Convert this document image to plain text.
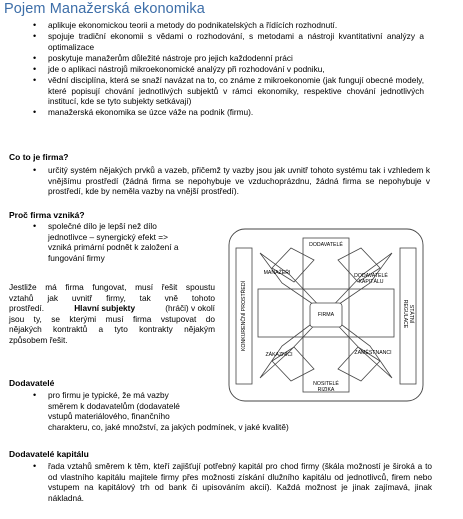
Pojem Manažerská ekonomika
• aplikuje ekonomickou teorii a metody do podnikatelských a řídících rozhodnutí.
• spojuje tradiční ekonomii s vědami o rozhodování, s metodami a nástroji kvantitativní analýzy a optimalizace
• poskytuje manažerům důležité nástroje pro jejich každodenní práci
• jde o aplikaci nástrojů mikroekonomické analýzy při rozhodování v podniku,
• vědní disciplína, která se snaží navázat na to, co známe z mikroekonomie (jak fungují obecné modely, které popisují chování jednotlivých subjektů v rámci ekonomiky, respektive chování jednotlivých institucí, kde se tyto subjekty setkávají)
• manažerská ekonomika se úzce váže na podnik (firmu).
Co to je firma?
• určitý systém nějakých prvků a vazeb, přičemž ty vazby jsou jak uvnitř tohoto systému tak i vzhledem k vnějšímu prostředí (žádná firma se nepohybuje ve vzduchoprázdnu, žádná firma se nepohybuje v prostředí, kde by neměla vazby na vnější prostředí).
Proč firma vzniká?
• společné dílo je lepší než dílo
jednotlivce – synergický efekt =>
vzniká primární podnět k založení a
fungování firmy
Jestliže má firma fungovat, musí řešit spoustu
vztahů jak uvnitř firmy, tak vně tohoto
prostředí.	Hlavní subjekty	(hráči) v okolí
jsou ty, se kterými musí firma vstupovat do
nějakých kontraktů a tyto kontrakty nějakým
způsobem řešit.
DODAVATELÉ
DODAVATELÉ
KAPITÁLU
MANAŽEŘI
FIRMA
ZÁKAZNÍCI	ZAMĚSTNANCI
NOSITELÉ
RIZIKA
KONKURENČNÍ PROSTŘEDÍ	STÁTNÍ
REGULACE
Dodavatelé
• pro firmu je typické, že má vazby
směrem k dodavatelům (dodavatelé
vstupů materiálového, finančního
charakteru, co, jaké množství, za jakých podmínek, v jaké kvalitě)
Dodavatelé kapitálu
• řada vztahů směrem k těm, kteří zajišťují potřebný kapitál pro chod firmy (škála možností je široká a to od vlastního kapitálu majitele firmy přes možnosti získání dlužního kapitálu od jednotlivců, firem nebo vstupem na kapitálový trh od bank či upisováním akcií). Každá možnost je jinak zajímavá, jinak nákladná.
